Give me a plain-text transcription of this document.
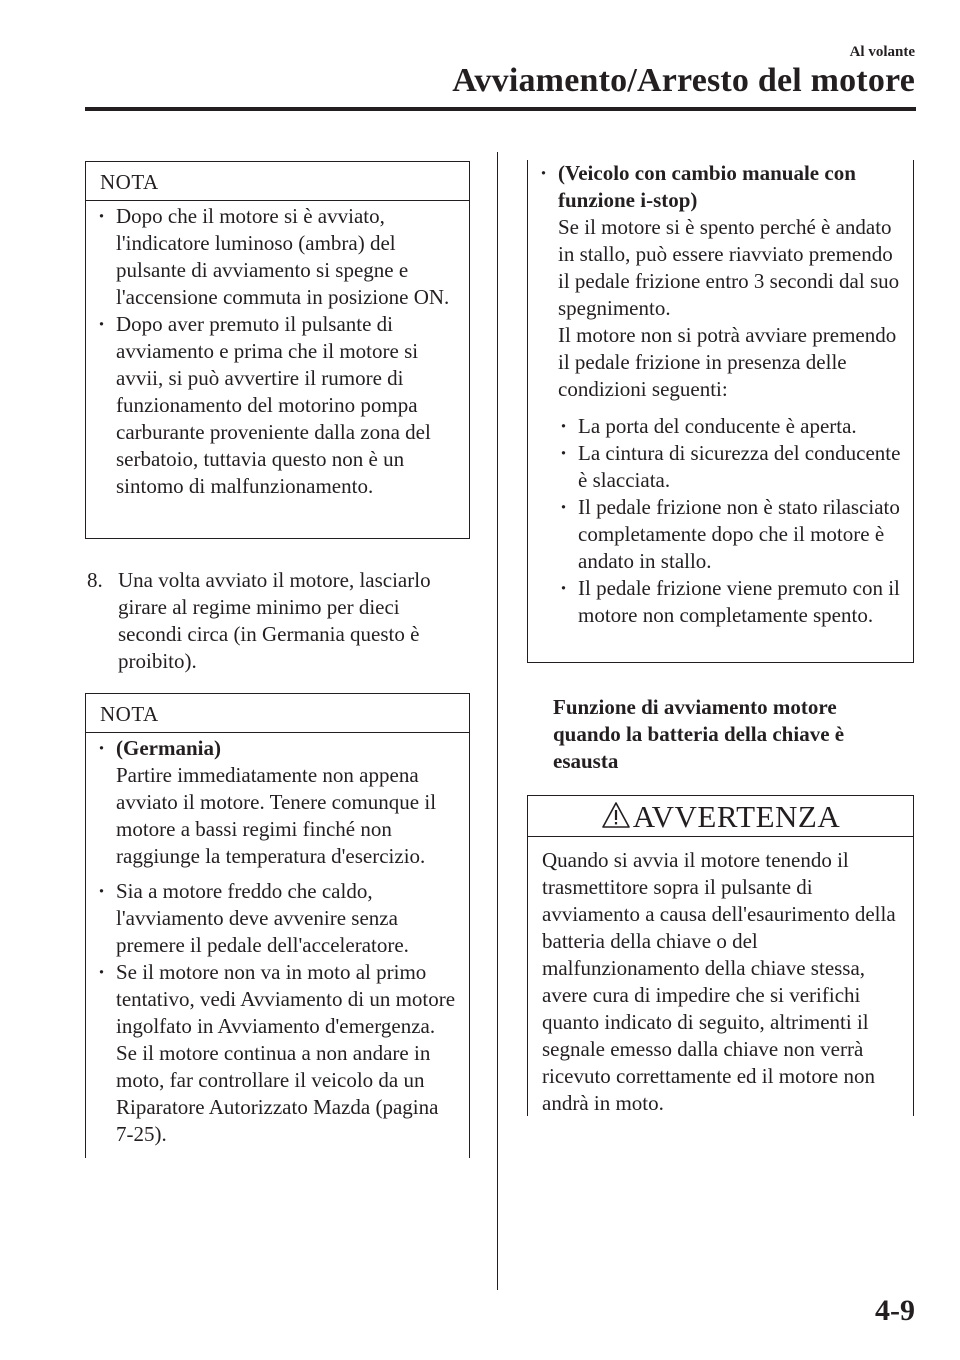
Al volante
Avviamento/Arresto del motore
NOTA
· Dopo che il motore si è avviato, l'indicatore luminoso (ambra) del pulsante di avviamento si spegne e l'accensione commuta in posizione ON.
· Dopo aver premuto il pulsante di avviamento e prima che il motore si avvii, si può avvertire il rumore di funzionamento del motorino pompa carburante proveniente dalla zona del serbatoio, tuttavia questo non è un sintomo di malfunzionamento.
8. Una volta avviato il motore, lasciarlo girare al regime minimo per dieci secondi circa (in Germania questo è proibito).
NOTA
· (Germania)
Partire immediatamente non appena avviato il motore. Tenere comunque il motore a bassi regimi finché non raggiunge la temperatura d'esercizio.
· Sia a motore freddo che caldo, l'avviamento deve avvenire senza premere il pedale dell'acceleratore.
· Se il motore non va in moto al primo tentativo, vedi Avviamento di un motore ingolfato in Avviamento d'emergenza. Se il motore continua a non andare in moto, far controllare il veicolo da un Riparatore Autorizzato Mazda (pagina 7-25).
· (Veicolo con cambio manuale con funzione i-stop)
Se il motore si è spento perché è andato in stallo, può essere riavviato premendo il pedale frizione entro 3 secondi dal suo spegnimento.
Il motore non si potrà avviare premendo il pedale frizione in presenza delle condizioni seguenti:
· La porta del conducente è aperta.
· La cintura di sicurezza del conducente è slacciata.
· Il pedale frizione non è stato rilasciato completamente dopo che il motore è andato in stallo.
· Il pedale frizione viene premuto con il motore non completamente spento.
Funzione di avviamento motore quando la batteria della chiave è esausta
AVVERTENZA
Quando si avvia il motore tenendo il trasmettitore sopra il pulsante di avviamento a causa dell'esaurimento della batteria della chiave o del malfunzionamento della chiave stessa, avere cura di impedire che si verifichi quanto indicato di seguito, altrimenti il segnale emesso dalla chiave non verrà ricevuto correttamente ed il motore non andrà in moto.
4-9
